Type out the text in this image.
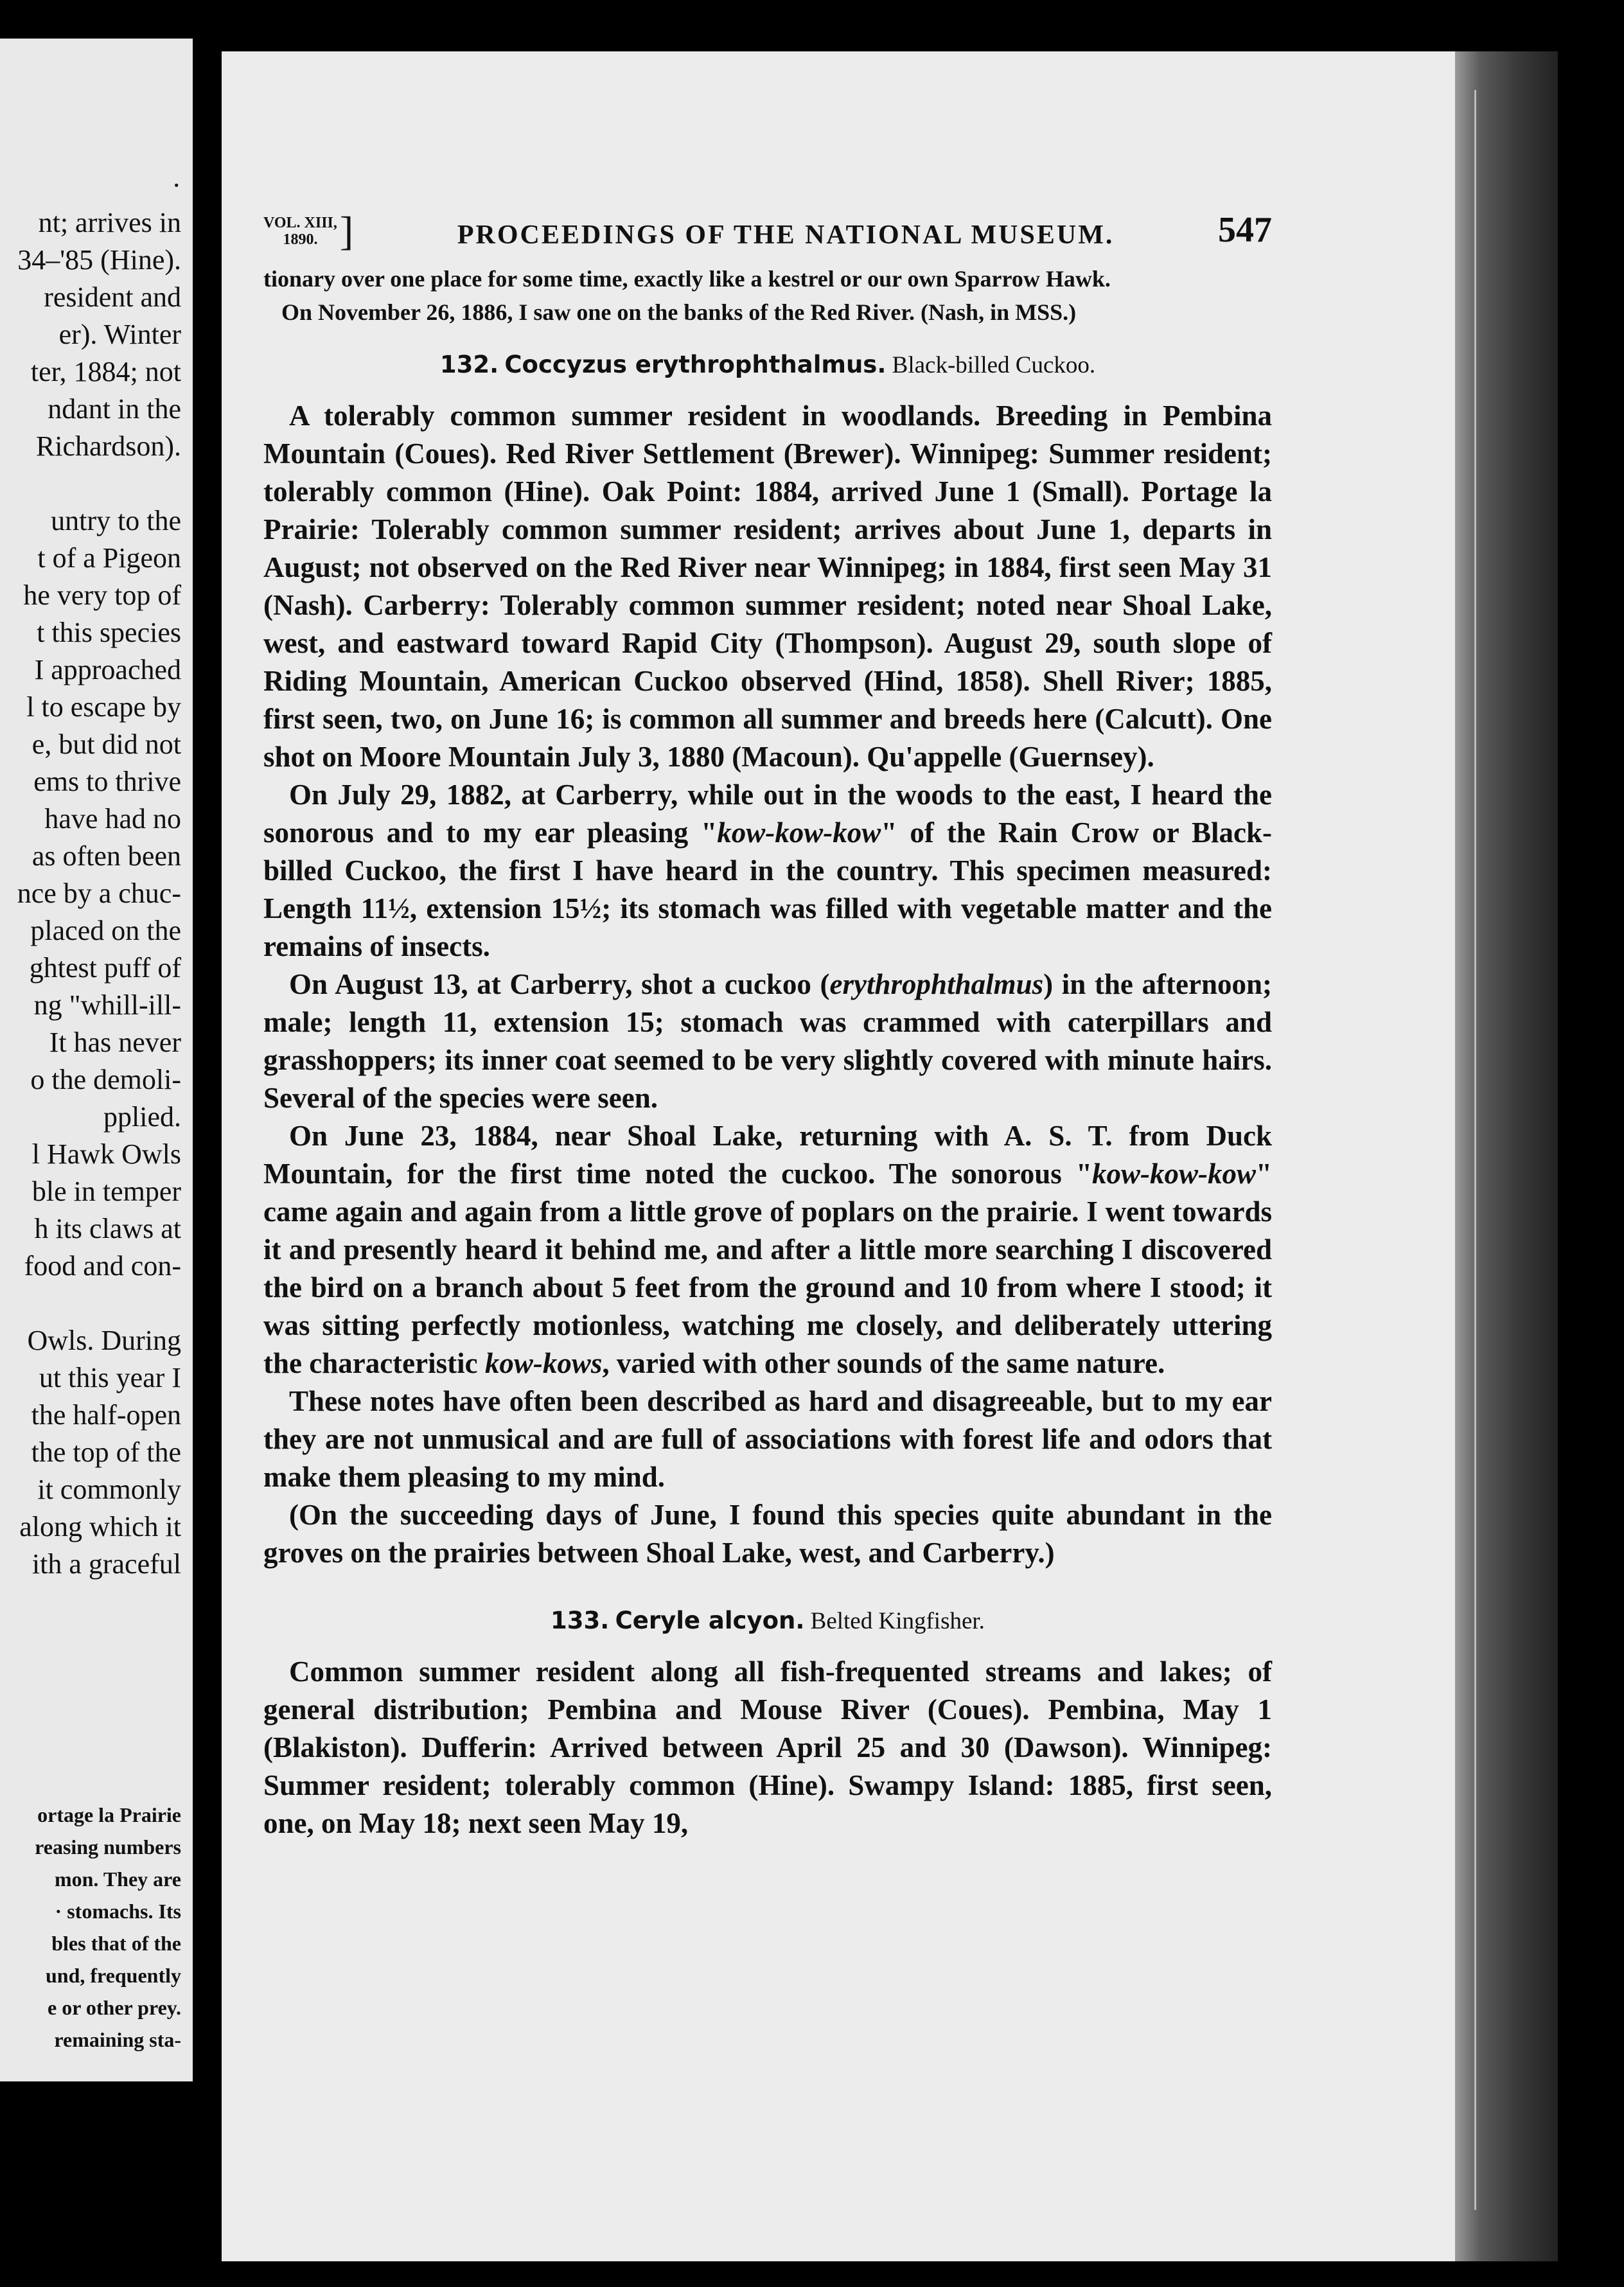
·
nt; arrives in
34–'85 (Hine).
resident and
er). Winter
ter, 1884; not
ndant in the
Richardson).

untry to the
t of a Pigeon
he very top of
t this species
I approached
l to escape by
e, but did not
ems to thrive
have had no
as often been
nce by a chuc-
placed on the
ghtest puff of
ng "whill-ill-
It has never
o the demoli-
pplied.
l Hawk Owls
ble in temper
h its claws at
food and con-

Owls. During
ut this year I
the half-open
the top of the
it commonly
along which it
ith a graceful
ortage la Prairie
reasing numbers
mon. They are
· stomachs. Its
bles that of the
und, frequently
e or other prey.
remaining sta-
VOL. XIII,
1890. ]	PROCEEDINGS OF THE NATIONAL MUSEUM.	547

tionary over one place for some time, exactly like a kestrel or our own Sparrow Hawk.

On November 26, 1886, I saw one on the banks of the Red River. (Nash, in MSS.)

132. Coccyzus erythrophthalmus. Black-billed Cuckoo.

A tolerably common summer resident in woodlands. Breeding in Pembina Mountain (Coues). Red River Settlement (Brewer). Winnipeg: Summer resident; tolerably common (Hine). Oak Point: 1884, arrived June 1 (Small). Portage la Prairie: Tolerably common summer resident; arrives about June 1, departs in August; not observed on the Red River near Winnipeg; in 1884, first seen May 31 (Nash). Carberry: Tolerably common summer resident; noted near Shoal Lake, west, and eastward toward Rapid City (Thompson). August 29, south slope of Riding Mountain, American Cuckoo observed (Hind, 1858). Shell River; 1885, first seen, two, on June 16; is common all summer and breeds here (Calcutt). One shot on Moore Mountain July 3, 1880 (Macoun). Qu'appelle (Guernsey).

On July 29, 1882, at Carberry, while out in the woods to the east, I heard the sonorous and to my ear pleasing "kow-kow-kow" of the Rain Crow or Black-billed Cuckoo, the first I have heard in the country. This specimen measured: Length 11½, extension 15½; its stomach was filled with vegetable matter and the remains of insects.

On August 13, at Carberry, shot a cuckoo (erythrophthalmus) in the afternoon; male; length 11, extension 15; stomach was crammed with caterpillars and grasshoppers; its inner coat seemed to be very slightly covered with minute hairs. Several of the species were seen.

On June 23, 1884, near Shoal Lake, returning with A. S. T. from Duck Mountain, for the first time noted the cuckoo. The sonorous "kow-kow-kow" came again and again from a little grove of poplars on the prairie. I went towards it and presently heard it behind me, and after a little more searching I discovered the bird on a branch about 5 feet from the ground and 10 from where I stood; it was sitting perfectly motionless, watching me closely, and deliberately uttering the characteristic kow-kows, varied with other sounds of the same nature.

These notes have often been described as hard and disagreeable, but to my ear they are not unmusical and are full of associations with forest life and odors that make them pleasing to my mind.

(On the succeeding days of June, I found this species quite abundant in the groves on the prairies between Shoal Lake, west, and Carberry.)

133. Ceryle alcyon. Belted Kingfisher.

Common summer resident along all fish-frequented streams and lakes; of general distribution; Pembina and Mouse River (Coues). Pembina, May 1 (Blakiston). Dufferin: Arrived between April 25 and 30 (Dawson). Winnipeg: Summer resident; tolerably common (Hine). Swampy Island: 1885, first seen, one, on May 18; next seen May 19,
